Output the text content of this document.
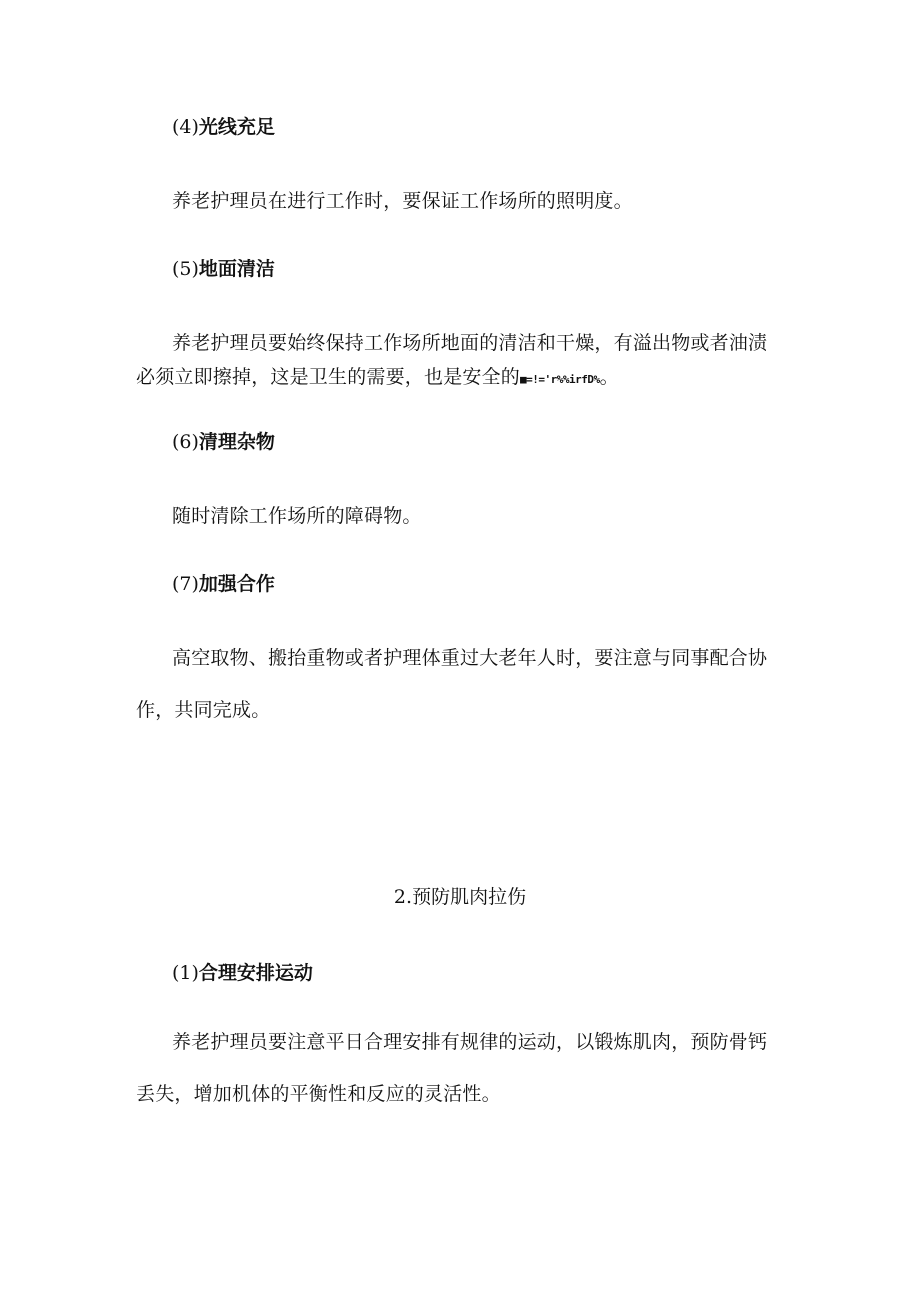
(4)光线充足
养老护理员在进行工作时，要保证工作场所的照明度。
(5)地面清洁
养老护理员要始终保持工作场所地面的清洁和干燥，有溢出物或者油渍必须立即擦掉，这是卫生的需要，也是安全的■=!='r%%irfD%。
(6)清理杂物
随时清除工作场所的障碍物。
(7)加强合作
高空取物、搬抬重物或者护理体重过大老年人时，要注意与同事配合协作，共同完成。
2.预防肌肉拉伤
(1)合理安排运动
养老护理员要注意平日合理安排有规律的运动，以锻炼肌肉，预防骨钙丢失，增加机体的平衡性和反应的灵活性。
